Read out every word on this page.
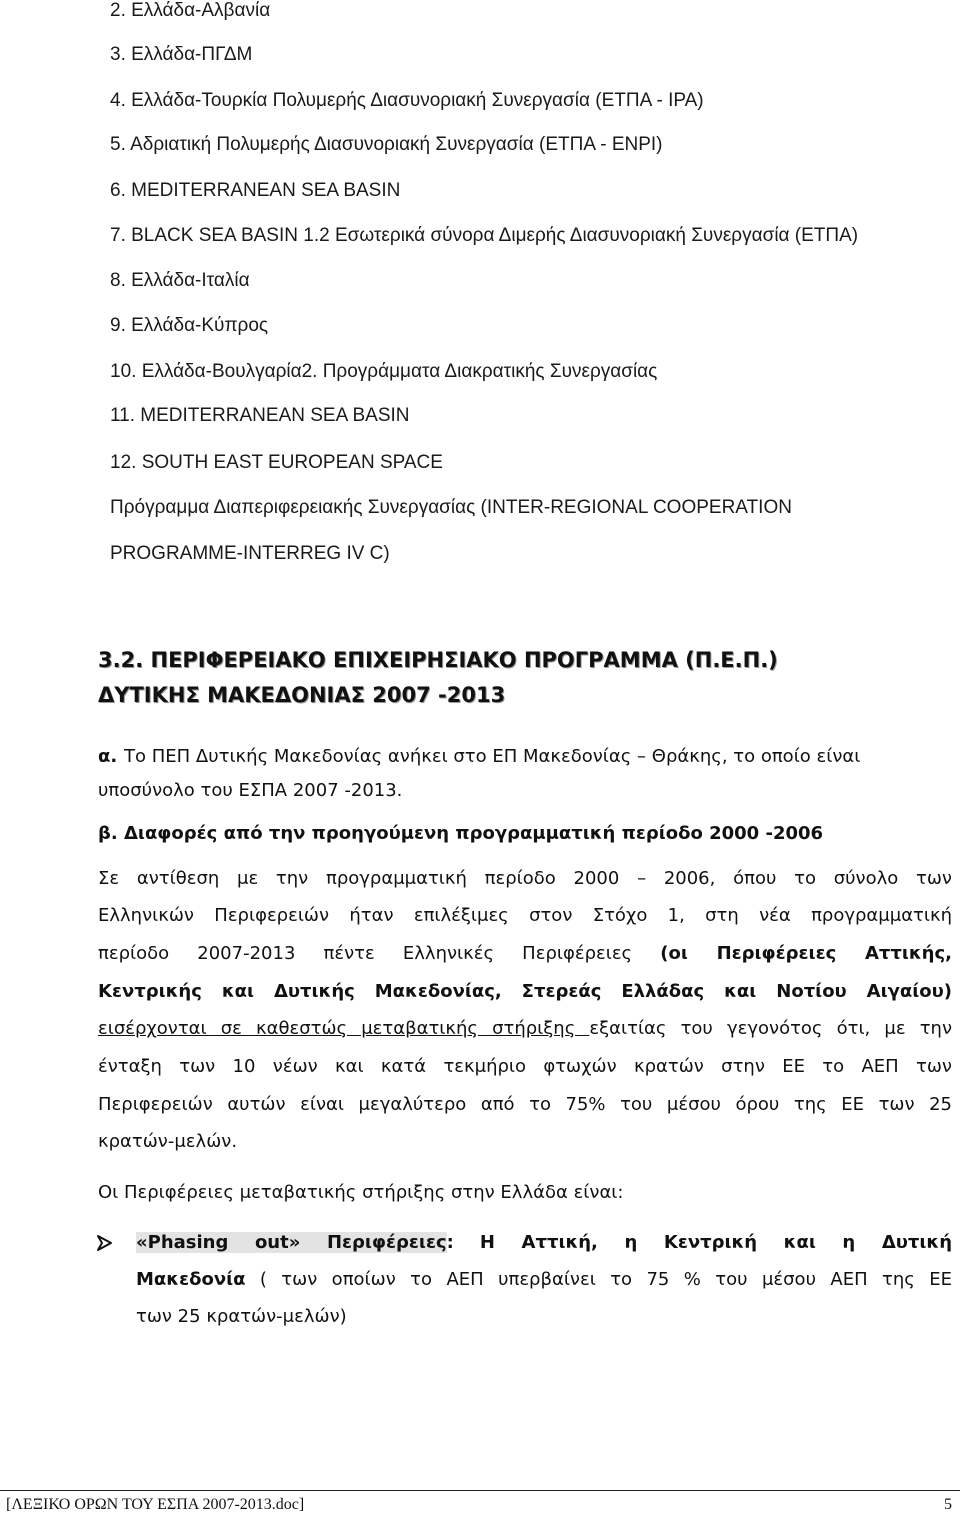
2. Ελλάδα-Αλβανία
3. Ελλάδα-ΠΓΔΜ
4. Ελλάδα-Τουρκία Πολυμερής Διασυνοριακή Συνεργασία (ΕΤΠΑ - IPA)
5. Αδριατική Πολυμερής Διασυνοριακή Συνεργασία (ΕΤΠΑ - ΕΝPI)
6. MEDITERRANEAN SEA BASIN
7. BLACK SEA BASIN 1.2 Εσωτερικά σύνορα Διμερής Διασυνοριακή Συνεργασία (ΕΤΠΑ)
8. Ελλάδα-Ιταλία
9. Ελλάδα-Κύπρος
10. Ελλάδα-Βουλγαρία2. Προγράμματα Διακρατικής Συνεργασίας
11. MEDITERRANEAN SEA BASIN
12. SOUTH EAST EUROPEAN SPACE
Πρόγραμμα Διαπεριφερειακής Συνεργασίας (INTER-REGIONAL COOPERATION
PROGRAMME-INTERREG IV C)
3.2. ΠΕΡΙΦΕΡΕΙΑΚΟ ΕΠΙΧΕΙΡΗΣΙΑΚΟ ΠΡΟΓΡΑΜΜΑ (Π.Ε.Π.)
ΔΥΤΙΚΗΣ ΜΑΚΕΔΟΝΙΑΣ 2007 -2013
α. Το ΠΕΠ Δυτικής Μακεδονίας ανήκει στο ΕΠ Μακεδονίας – Θράκης, το οποίο είναι
υποσύνολο του ΕΣΠΑ 2007 -2013.
β. Διαφορές από την προηγούμενη προγραμματική περίοδο 2000 -2006
Σε αντίθεση με την προγραμματική περίοδο 2000 – 2006, όπου το σύνολο των
Ελληνικών Περιφερειών ήταν επιλέξιμες στον Στόχο 1, στη νέα προγραμματική
περίοδο 2007-2013 πέντε Ελληνικές Περιφέρειες (οι Περιφέρειες Αττικής,
Κεντρικής και Δυτικής Μακεδονίας, Στερεάς Ελλάδας και Νοτίου Αιγαίου)
εισέρχονται σε καθεστώς μεταβατικής στήριξης εξαιτίας του γεγονότος ότι, με την
ένταξη των 10 νέων και κατά τεκμήριο φτωχών κρατών στην ΕΕ το ΑΕΠ των
Περιφερειών αυτών είναι μεγαλύτερο από το 75% του μέσου όρου της ΕΕ των 25
κρατών-μελών.
Οι Περιφέρειες μεταβατικής στήριξης στην Ελλάδα είναι:
«Phasing out» Περιφέρειες: Η Αττική, η Κεντρική και η Δυτική
Μακεδονία ( των οποίων το ΑΕΠ υπερβαίνει το 75 % του μέσου ΑΕΠ της ΕΕ
των 25 κρατών-μελών)
[ΛΕΞΙΚΟ ΟΡΩΝ ΤΟΥ ΕΣΠΑ 2007-2013.doc]	5
